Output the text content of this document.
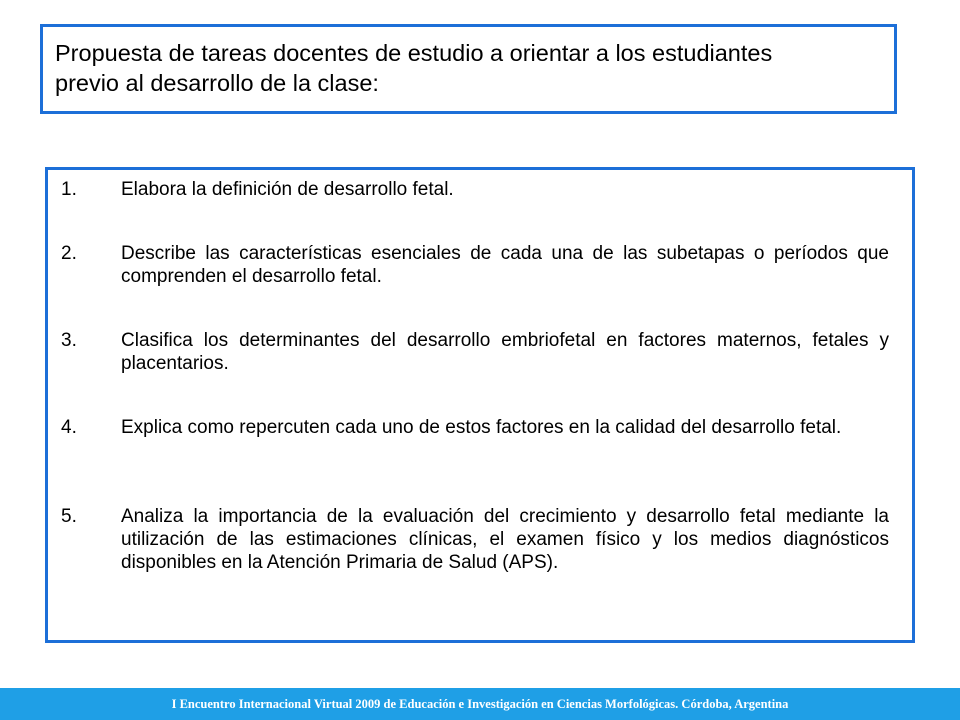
Propuesta de tareas docentes de estudio a orientar a los estudiantes
previo al desarrollo de la clase:
1. Elabora la definición de desarrollo fetal.
2. Describe las características esenciales de cada una de las subetapas o períodos que comprenden el desarrollo fetal.
3. Clasifica los determinantes del desarrollo embriofetal en factores maternos, fetales y placentarios.
4. Explica como repercuten cada uno de estos factores en la calidad del desarrollo fetal.
5. Analiza la importancia de la evaluación del crecimiento y desarrollo fetal mediante la utilización de las estimaciones clínicas, el examen físico y los medios diagnósticos disponibles en la Atención Primaria de Salud (APS).
I Encuentro Internacional Virtual 2009 de Educación e Investigación en Ciencias Morfológicas. Córdoba, Argentina
